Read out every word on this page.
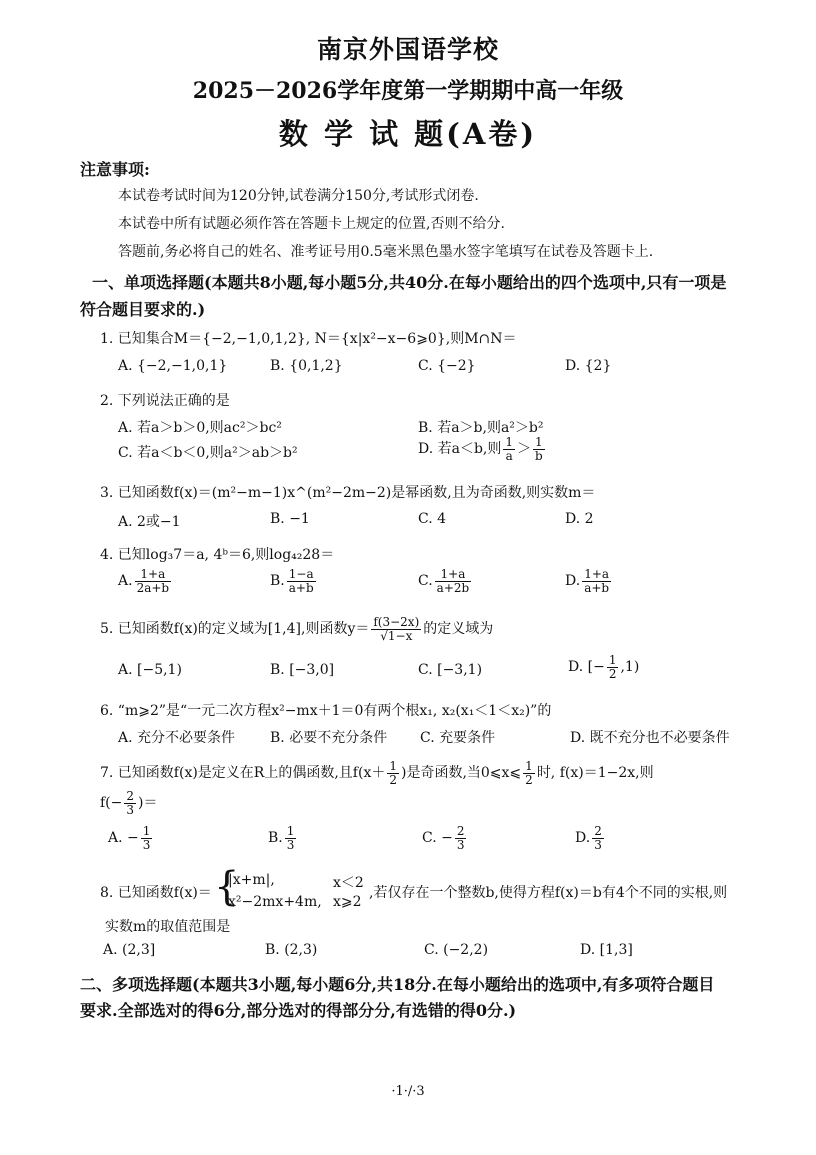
南京外国语学校
2025－2026学年度第一学期期中高一年级
数 学 试 题(A卷)
注意事项:
本试卷考试时间为120分钟,试卷满分150分,考试形式闭卷.
本试卷中所有试题必须作答在答题卡上规定的位置,否则不给分.
答题前,务必将自己的姓名、准考证号用0.5毫米黑色墨水签字笔填写在试卷及答题卡上.
一、单项选择题(本题共8小题,每小题5分,共40分.在每小题给出的四个选项中,只有一项是
符合题目要求的.)
1. 已知集合M＝{−2,−1,0,1,2}, N＝{x|x²−x−6⩾0},则M∩N＝
A. {−2,−1,0,1}	B. {0,1,2}	C. {−2}	D. {2}
2. 下列说法正确的是
A. 若a＞b＞0,则ac²＞bc²	B. 若a＞b,则a²＞b²
C. 若a＜b＜0,则a²＞ab＞b²	D. 若a＜b,则 $\frac{1}{a} > \frac{1}{b}$
3. 已知函数f(x)＝(m²−m−1)x^(m²−2m−2)是幂函数,且为奇函数,则实数m＝
A. 2或−1	B. −1	C. 4	D. 2
4. 已知log₃7＝a, 4ᵇ＝6,则log₄₂28＝
A. $\frac{1+a}{2a+b}$	B. $\frac{1-a}{a+b}$	C. $\frac{1+a}{a+2b}$	D. $\frac{1+a}{a+b}$
5. 已知函数f(x)的定义域为[1,4],则函数$y= \frac{f(3-2x)}{√1-x}$ 的定义域为
A. [−5,1)	B. [−3,0]	C. [−3,1)	D. [− $\frac{1}{2} ,1$)
6. “m⩾2”是“一元二次方程x²−mx＋1＝0有两个根x₁, x₂(x₁＜1＜x₂)”的
A. 充分不必要条件 B. 必要不充分条件 C. 充要条件	D. 既不充分也不必要条件
7. 已知函数f(x)是定义在R上的偶函数,且$f(x+ \frac{1}{2}$ )是奇函数,当0⩽x⩽ $\frac{1}{2}$ 时, f(x)＝1−2x,则
$f(- \frac{2}{3}$ )＝
A. − $\frac{1}{3}$	B. $\frac{1}{3}$	C. − $\frac{2}{3}$	D. $\frac{2}{3}$
8. 已知函数f(x)＝ {
|x+m|,	x＜2
x²−2mx+4m, x⩾2
,若仅存在一个整数b,使得方程f(x)＝b有4个不同的实根,则
实数m的取值范围是
A. (2,3]	B. (2,3)	C. (−2,2)	D. [1,3]
二、多项选择题(本题共3小题,每小题6分,共18分.在每小题给出的选项中,有多项符合题目
要求.全部选对的得6分,部分选对的得部分分,有选错的得0分.)
·1·/·3
